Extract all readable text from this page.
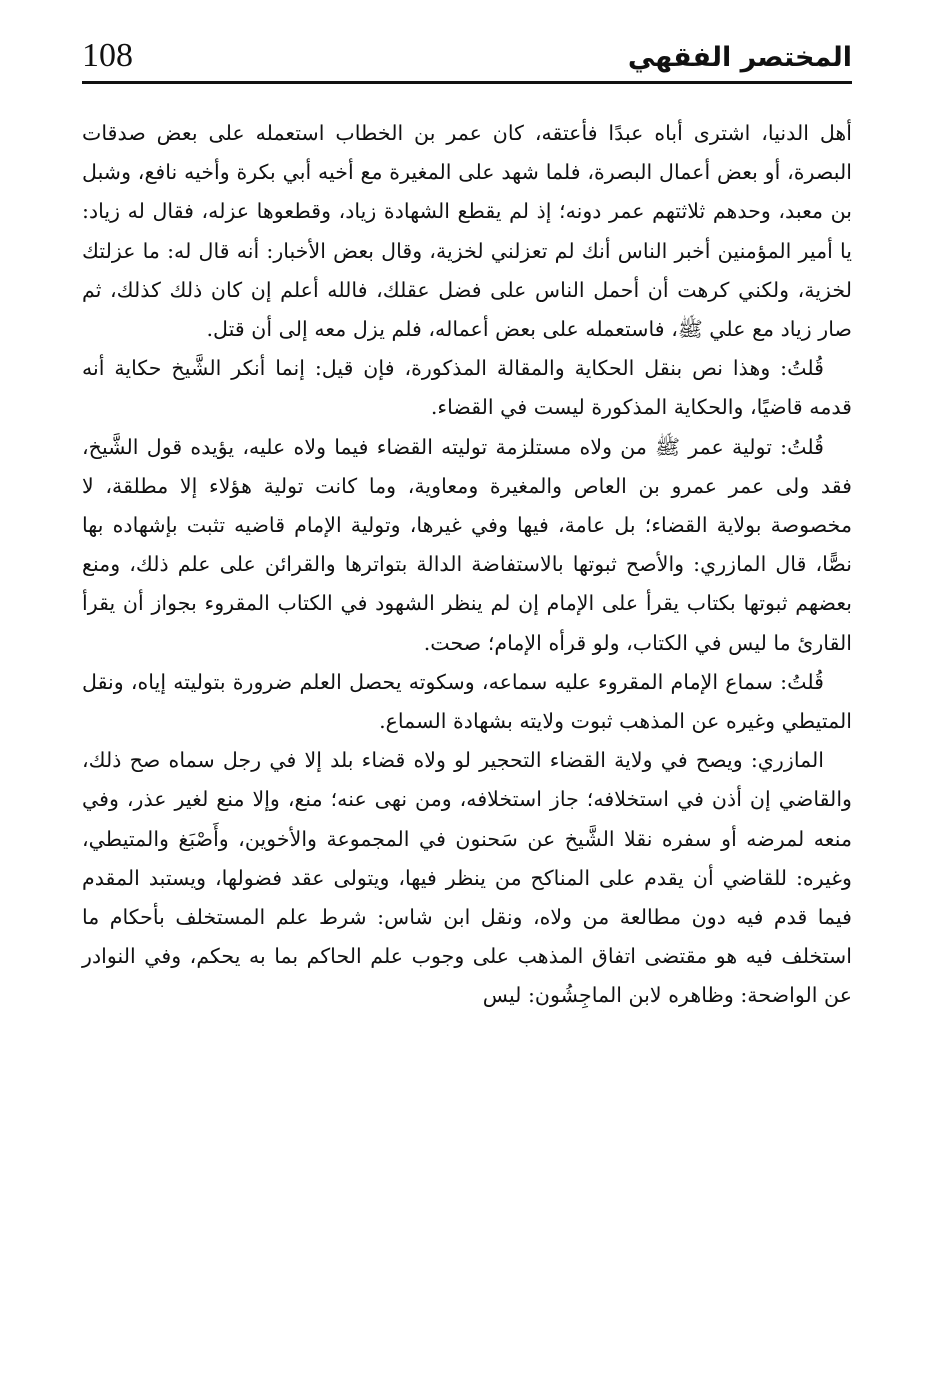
108	المختصر الفقهي

أهل الدنيا، اشترى أباه عبدًا فأعتقه، كان عمر بن الخطاب استعمله على بعض صدقات البصرة، أو بعض أعمال البصرة، فلما شهد على المغيرة مع أخيه أبي بكرة وأخيه نافع، وشبل بن معبد، وحدهم ثلاثتهم عمر دونه؛ إذ لم يقطع الشهادة زياد، وقطعوها عزله، فقال له زياد: يا أمير المؤمنين أخبر الناس أنك لم تعزلني لخزية، وقال بعض الأخبار: أنه قال له: ما عزلتك لخزية، ولكني كرهت أن أحمل الناس على فضل عقلك، فالله أعلم إن كان ذلك كذلك، ثم صار زياد مع علي ﷺ، فاستعمله على بعض أعماله، فلم يزل معه إلى أن قتل.

قُلتُ: وهذا نص بنقل الحكاية والمقالة المذكورة، فإن قيل: إنما أنكر الشَّيخ حكاية أنه قدمه قاضيًا، والحكاية المذكورة ليست في القضاء.

قُلتُ: تولية عمر ﷺ من ولاه مستلزمة توليته القضاء فيما ولاه عليه، يؤيده قول الشَّيخ، فقد ولى عمر عمرو بن العاص والمغيرة ومعاوية، وما كانت تولية هؤلاء إلا مطلقة، لا مخصوصة بولاية القضاء؛ بل عامة، فيها وفي غيرها، وتولية الإمام قاضيه تثبت بإشهاده بها نصًّا، قال المازري: والأصح ثبوتها بالاستفاضة الدالة بتواترها والقرائن على علم ذلك، ومنع بعضهم ثبوتها بكتاب يقرأ على الإمام إن لم ينظر الشهود في الكتاب المقروء بجواز أن يقرأ القارئ ما ليس في الكتاب، ولو قرأه الإمام؛ صحت.

قُلتُ: سماع الإمام المقروء عليه سماعه، وسكوته يحصل العلم ضرورة بتوليته إياه، ونقل المتيطي وغيره عن المذهب ثبوت ولايته بشهادة السماع.

المازري: ويصح في ولاية القضاء التحجير لو ولاه قضاء بلد إلا في رجل سماه صح ذلك، والقاضي إن أذن في استخلافه؛ جاز استخلافه، ومن نهى عنه؛ منع، وإلا منع لغير عذر، وفي منعه لمرضه أو سفره نقلا الشَّيخ عن سَحنون في المجموعة والأخوين، وأَصْبَغ والمتيطي، وغيره: للقاضي أن يقدم على المناكح من ينظر فيها، ويتولى عقد فضولها، ويستبد المقدم فيما قدم فيه دون مطالعة من ولاه، ونقل ابن شاس: شرط علم المستخلف بأحكام ما استخلف فيه هو مقتضى اتفاق المذهب على وجوب علم الحاكم بما به يحكم، وفي النوادر عن الواضحة: وظاهره لابن الماجِشُون: ليس
